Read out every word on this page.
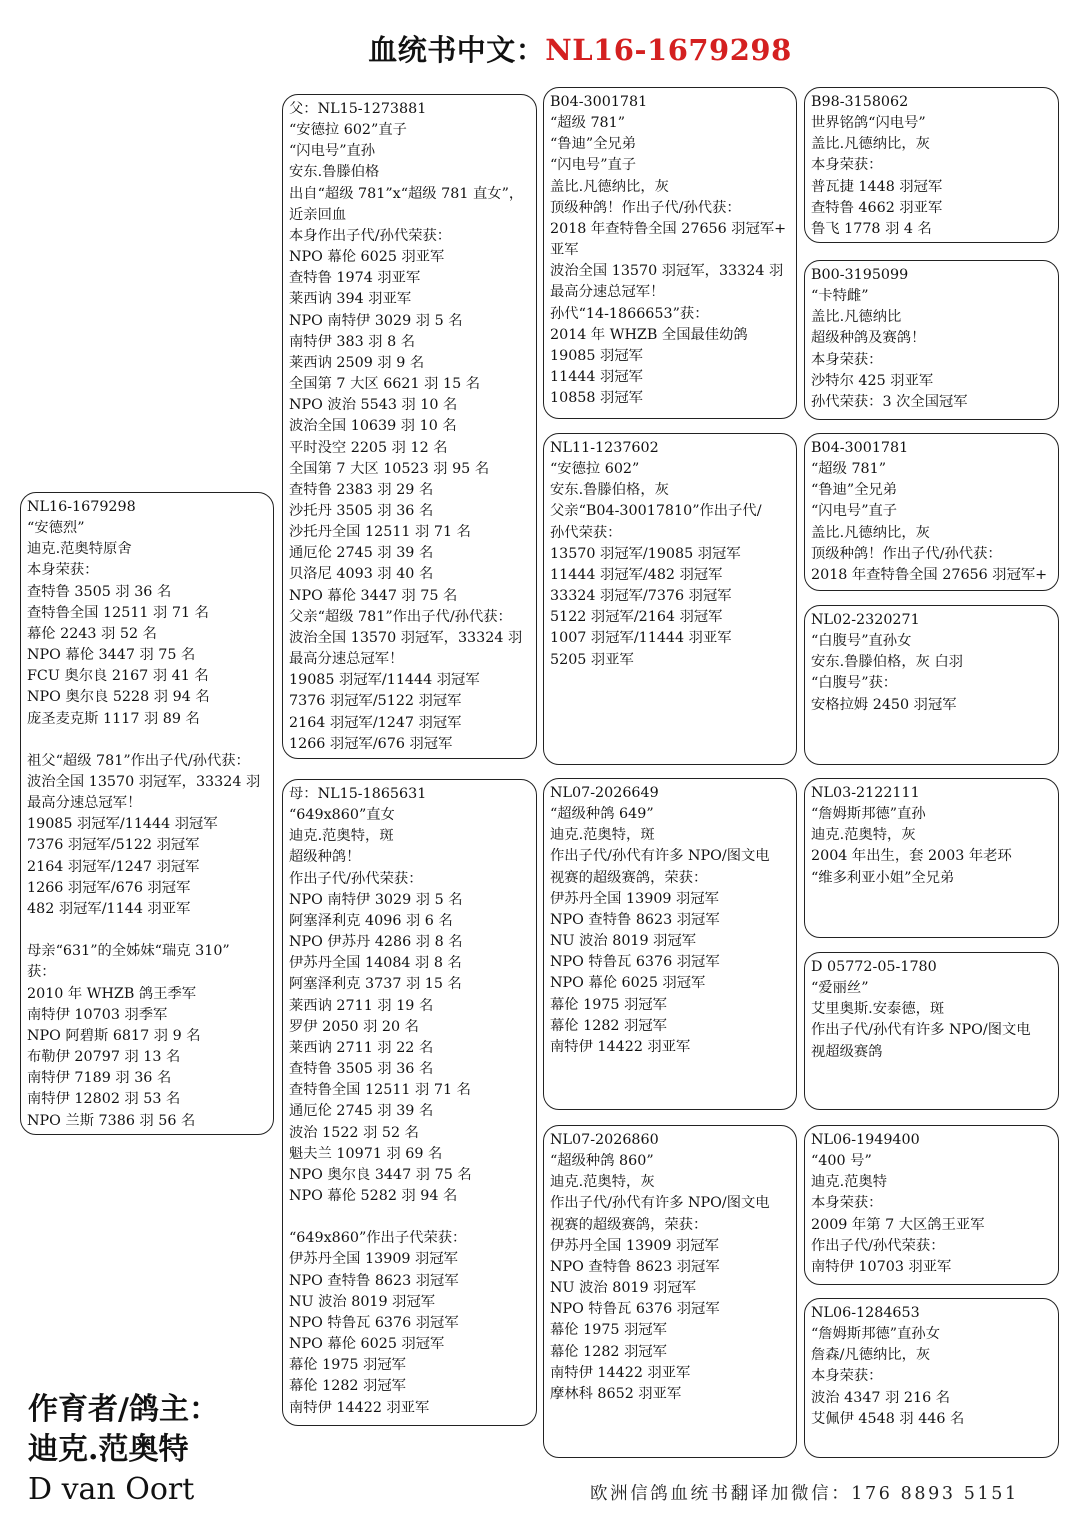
血统书中文：NL16-1679298
NL16-1679298
“安德烈”
迪克.范奥特原舍
本身荣获：
查特鲁 3505 羽 36 名
查特鲁全国 12511 羽 71 名
幕伦 2243 羽 52 名
NPO 幕伦 3447 羽 75 名
FCU 奥尔良 2167 羽 41 名
NPO 奥尔良 5228 羽 94 名
庞圣麦克斯 1117 羽 89 名
祖父“超级 781”作出子代/孙代获：
波治全国 13570 羽冠军，33324 羽
最高分速总冠军！
19085 羽冠军/11444 羽冠军
7376 羽冠军/5122 羽冠军
2164 羽冠军/1247 羽冠军
1266 羽冠军/676 羽冠军
482 羽冠军/1144 羽亚军
母亲“631”的全姊妹“瑞克 310”
获：
2010 年 WHZB 鸽王季军
南特伊 10703 羽季军
NPO 阿碧斯 6817 羽 9 名
布勒伊 20797 羽 13 名
南特伊 7189 羽 36 名
南特伊 12802 羽 53 名
NPO 兰斯 7386 羽 56 名
父：NL15-1273881
“安德拉 602”直子
“闪电号”直孙
安东.鲁滕伯格
出自“超级 781”x“超级 781 直女”，
近亲回血
本身作出子代/孙代荣获：
NPO 幕伦 6025 羽亚军
查特鲁 1974 羽亚军
莱西讷 394 羽亚军
NPO 南特伊 3029 羽 5 名
南特伊 383 羽 8 名
莱西讷 2509 羽 9 名
全国第 7 大区 6621 羽 15 名
NPO 波治 5543 羽 10 名
波治全国 10639 羽 10 名
平时没空 2205 羽 12 名
全国第 7 大区 10523 羽 95 名
查特鲁 2383 羽 29 名
沙托丹 3505 羽 36 名
沙托丹全国 12511 羽 71 名
通厄伦 2745 羽 39 名
贝洛尼 4093 羽 40 名
NPO 幕伦 3447 羽 75 名
父亲“超级 781”作出子代/孙代获：
波治全国 13570 羽冠军，33324 羽
最高分速总冠军！
19085 羽冠军/11444 羽冠军
7376 羽冠军/5122 羽冠军
2164 羽冠军/1247 羽冠军
1266 羽冠军/676 羽冠军
母：NL15-1865631
“649x860”直女
迪克.范奥特，斑
超级种鸽！
作出子代/孙代荣获：
NPO 南特伊 3029 羽 5 名
阿塞泽利克 4096 羽 6 名
NPO 伊苏丹 4286 羽 8 名
伊苏丹全国 14084 羽 8 名
阿塞泽利克 3737 羽 15 名
莱西讷 2711 羽 19 名
罗伊 2050 羽 20 名
莱西讷 2711 羽 22 名
查特鲁 3505 羽 36 名
查特鲁全国 12511 羽 71 名
通厄伦 2745 羽 39 名
波治 1522 羽 52 名
魁夫兰 10971 羽 69 名
NPO 奥尔良 3447 羽 75 名
NPO 幕伦 5282 羽 94 名
“649x860”作出子代荣获：
伊苏丹全国 13909 羽冠军
NPO 查特鲁 8623 羽冠军
NU 波治 8019 羽冠军
NPO 特鲁瓦 6376 羽冠军
NPO 幕伦 6025 羽冠军
幕伦 1975 羽冠军
幕伦 1282 羽冠军
南特伊 14422 羽亚军
B04-3001781
“超级 781”
“鲁迪”全兄弟
“闪电号”直子
盖比.凡德纳比，灰
顶级种鸽！作出子代/孙代获：
2018 年查特鲁全国 27656 羽冠军+
亚军
波治全国 13570 羽冠军，33324 羽
最高分速总冠军！
孙代“14-1866653”获：
2014 年 WHZB 全国最佳幼鸽
19085 羽冠军
11444 羽冠军
10858 羽冠军
NL11-1237602
“安德拉 602”
安东.鲁滕伯格，灰
父亲“B04-30017810”作出子代/
孙代荣获：
13570 羽冠军/19085 羽冠军
11444 羽冠军/482 羽冠军
33324 羽冠军/7376 羽冠军
5122 羽冠军/2164 羽冠军
1007 羽冠军/11444 羽亚军
5205 羽亚军
NL07-2026649
“超级种鸽 649”
迪克.范奥特，斑
作出子代/孙代有许多 NPO/图文电
视赛的超级赛鸽，荣获：
伊苏丹全国 13909 羽冠军
NPO 查特鲁 8623 羽冠军
NU 波治 8019 羽冠军
NPO 特鲁瓦 6376 羽冠军
NPO 幕伦 6025 羽冠军
幕伦 1975 羽冠军
幕伦 1282 羽冠军
南特伊 14422 羽亚军
NL07-2026860
“超级种鸽 860”
迪克.范奥特，灰
作出子代/孙代有许多 NPO/图文电
视赛的超级赛鸽，荣获：
伊苏丹全国 13909 羽冠军
NPO 查特鲁 8623 羽冠军
NU 波治 8019 羽冠军
NPO 特鲁瓦 6376 羽冠军
幕伦 1975 羽冠军
幕伦 1282 羽冠军
南特伊 14422 羽亚军
摩林科 8652 羽亚军
B98-3158062
世界铭鸽“闪电号”
盖比.凡德纳比，灰
本身荣获：
普瓦捷 1448 羽冠军
查特鲁 4662 羽亚军
鲁飞 1778 羽 4 名
B00-3195099
“卡特雌”
盖比.凡德纳比
超级种鸽及赛鸽！
本身荣获：
沙特尔 425 羽亚军
孙代荣获：3 次全国冠军
B04-3001781
“超级 781”
“鲁迪”全兄弟
“闪电号”直子
盖比.凡德纳比，灰
顶级种鸽！作出子代/孙代获：
2018 年查特鲁全国 27656 羽冠军+
NL02-2320271
“白腹号”直孙女
安东.鲁滕伯格，灰 白羽
“白腹号”获：
安格拉姆 2450 羽冠军
NL03-2122111
“詹姆斯邦德”直孙
迪克.范奥特，灰
2004 年出生，套 2003 年老环
“维多利亚小姐”全兄弟
D 05772-05-1780
“爱丽丝”
艾里奥斯.安泰德，斑
作出子代/孙代有许多 NPO/图文电
视超级赛鸽
NL06-1949400
“400 号”
迪克.范奥特
本身荣获：
2009 年第 7 大区鸽王亚军
作出子代/孙代荣获：
南特伊 10703 羽亚军
NL06-1284653
“詹姆斯邦德”直孙女
詹森/凡德纳比，灰
本身荣获：
波治 4347 羽 216 名
艾佩伊 4548 羽 446 名
作育者/鸽主：
迪克.范奥特
D van Oort	欧洲信鸽血统书翻译加微信：176 8893 5151
